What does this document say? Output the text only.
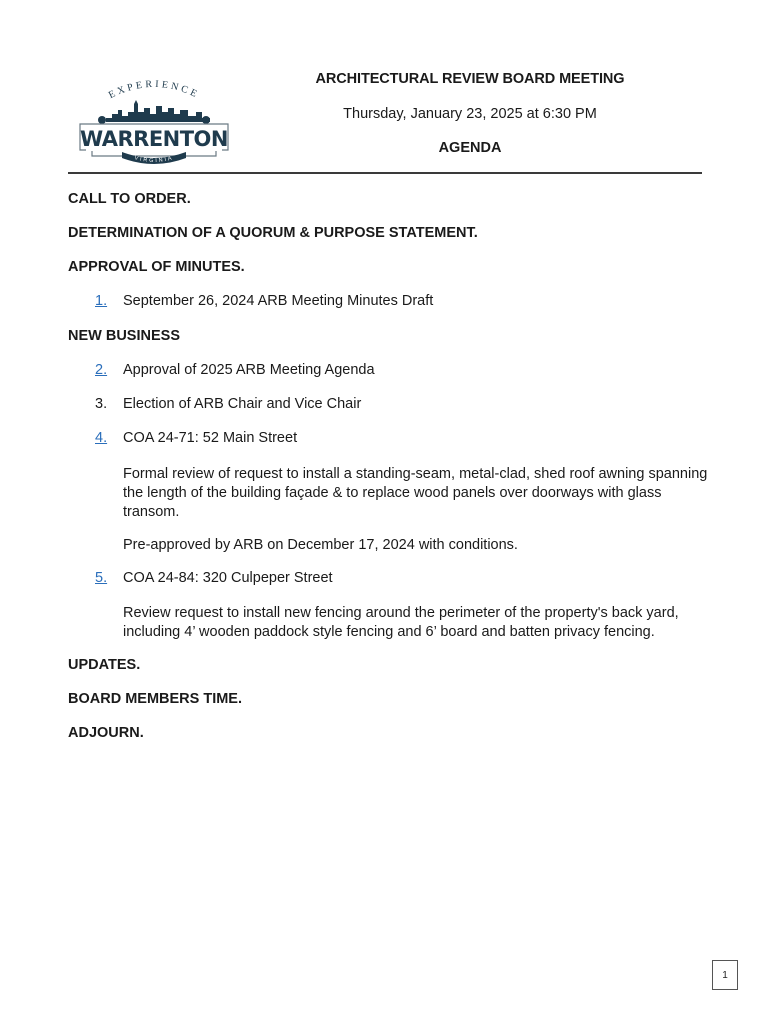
EXPERIENCE
WARRENTON
VIRGINIA
ARCHITECTURAL REVIEW BOARD MEETING
Thursday, January 23, 2025 at 6:30 PM
AGENDA
CALL TO ORDER.
DETERMINATION OF A QUORUM & PURPOSE STATEMENT.
APPROVAL OF MINUTES.
1. September 26, 2024 ARB Meeting Minutes Draft
NEW BUSINESS
2. Approval of 2025 ARB Meeting Agenda
3. Election of ARB Chair and Vice Chair
4. COA 24-71: 52 Main Street
Formal review of request to install a standing-seam, metal-clad, shed roof awning spanning the length of the building façade & to replace wood panels over doorways with glass transom.
Pre-approved by ARB on December 17, 2024 with conditions.
5. COA 24-84: 320 Culpeper Street
Review request to install new fencing around the perimeter of the property's back yard, including 4’ wooden paddock style fencing and 6’ board and batten privacy fencing.
UPDATES.
BOARD MEMBERS TIME.
ADJOURN.
1
